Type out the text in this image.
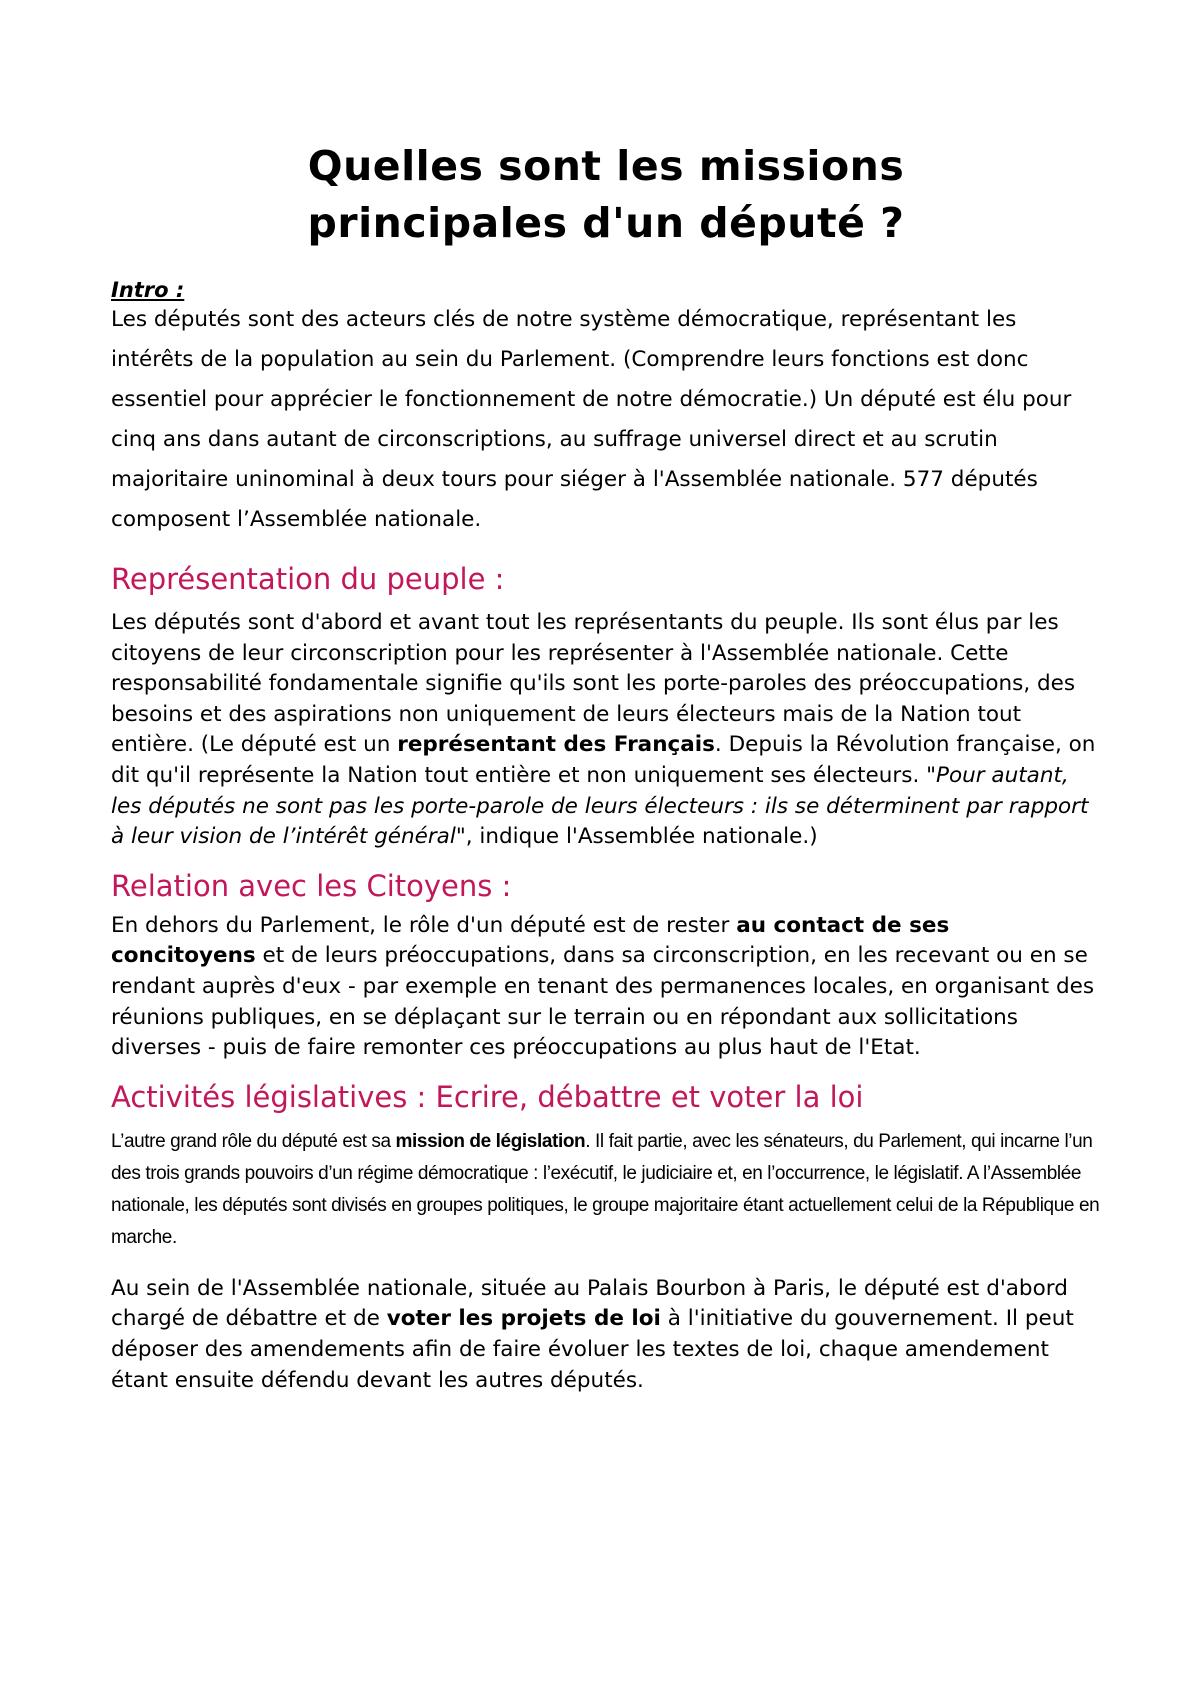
Quelles sont les missions
principales d'un député ?
Intro :

Les députés sont des acteurs clés de notre système démocratique, représentant les intérêts de la population au sein du Parlement. (Comprendre leurs fonctions est donc essentiel pour apprécier le fonctionnement de notre démocratie.) Un député est élu pour cinq ans dans autant de circonscriptions, au suffrage universel direct et au scrutin majoritaire uninominal à deux tours pour siéger à l'Assemblée nationale. 577 députés composent l’Assemblée nationale.

Représentation du peuple :

Les députés sont d'abord et avant tout les représentants du peuple. Ils sont élus par les citoyens de leur circonscription pour les représenter à l'Assemblée nationale. Cette responsabilité fondamentale signifie qu'ils sont les porte-paroles des préoccupations, des besoins et des aspirations non uniquement de leurs électeurs mais de la Nation tout entière. (Le député est un représentant des Français. Depuis la Révolution française, on dit qu'il représente la Nation tout entière et non uniquement ses électeurs. "Pour autant, les députés ne sont pas les porte-parole de leurs électeurs : ils se déterminent par rapport à leur vision de l’intérêt général", indique l'Assemblée nationale.)

Relation avec les Citoyens :

En dehors du Parlement, le rôle d'un député est de rester au contact de ses concitoyens et de leurs préoccupations, dans sa circonscription, en les recevant ou en se rendant auprès d'eux - par exemple en tenant des permanences locales, en organisant des réunions publiques, en se déplaçant sur le terrain ou en répondant aux sollicitations diverses - puis de faire remonter ces préoccupations au plus haut de l'Etat.

Activités législatives : Ecrire, débattre et voter la loi

L’autre grand rôle du député est sa mission de législation. Il fait partie, avec les sénateurs, du Parlement, qui incarne l’un des trois grands pouvoirs d’un régime démocratique : l’exécutif, le judiciaire et, en l’occurrence, le législatif. A l’Assemblée nationale, les députés sont divisés en groupes politiques, le groupe majoritaire étant actuellement celui de la République en marche.

Au sein de l'Assemblée nationale, située au Palais Bourbon à Paris, le député est d'abord chargé de débattre et de voter les projets de loi à l'initiative du gouvernement. Il peut déposer des amendements afin de faire évoluer les textes de loi, chaque amendement étant ensuite défendu devant les autres députés.
